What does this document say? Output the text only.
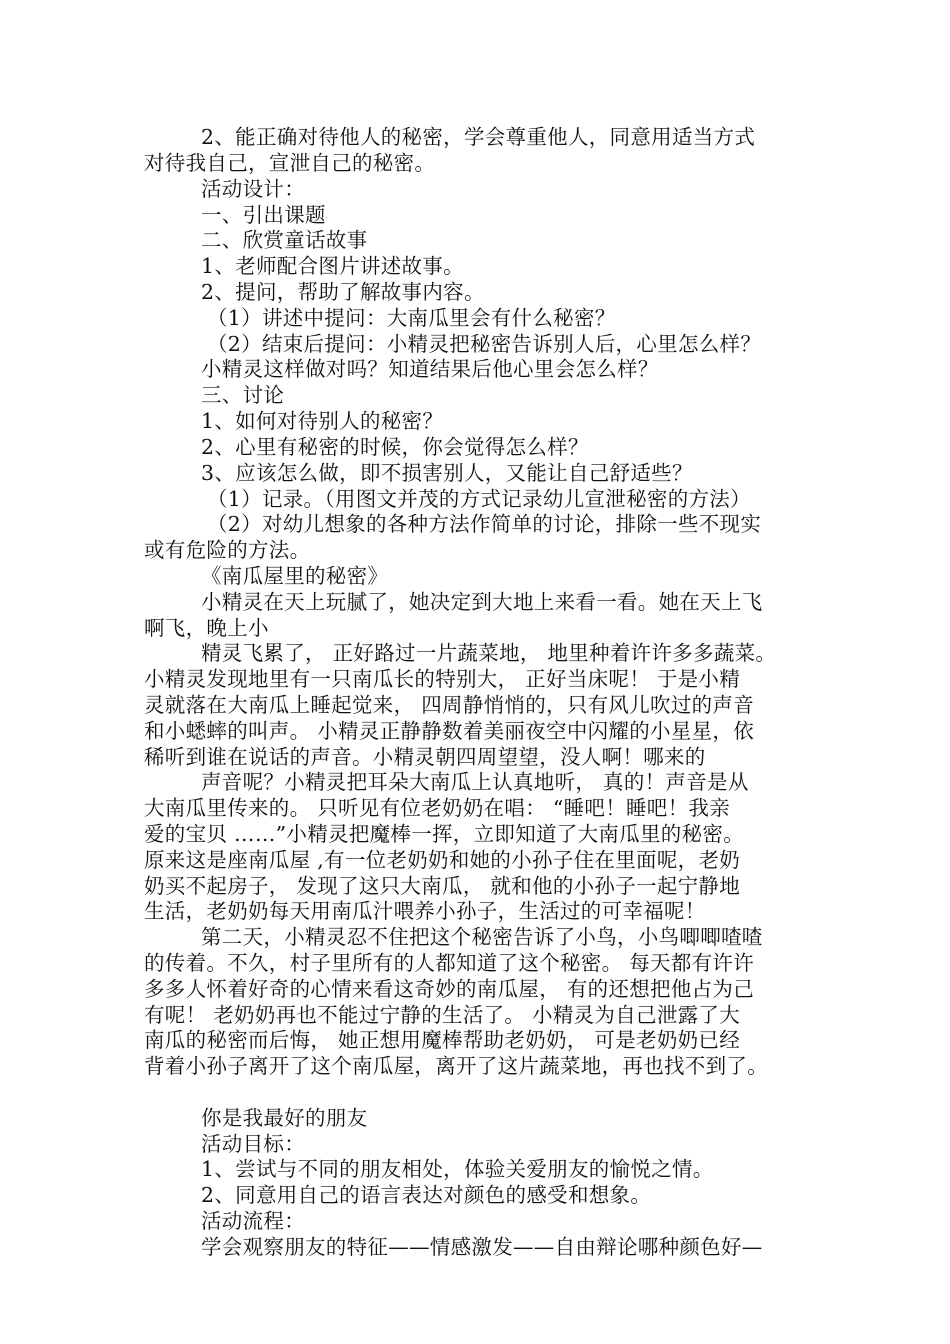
2、能正确对待他人的秘密，学会尊重他人，同意用适当方式
对待我自己，宣泄自己的秘密。
活动设计：
一、引出课题
二、欣赏童话故事
1、老师配合图片讲述故事。
2、提问，帮助了解故事内容。
（1）讲述中提问：大南瓜里会有什么秘密？
（2）结束后提问：小精灵把秘密告诉别人后，心里怎么样？
小精灵这样做对吗？知道结果后他心里会怎么样？
三、讨论
1、如何对待别人的秘密？
2、心里有秘密的时候，你会觉得怎么样？
3、应该怎么做，即不损害别人，又能让自己舒适些？
（1）记录。（用图文并茂的方式记录幼儿宣泄秘密的方法）
（2）对幼儿想象的各种方法作简单的讨论，排除一些不现实
或有危险的方法。
《南瓜屋里的秘密》
小精灵在天上玩腻了，她决定到大地上来看一看。她在天上飞
啊飞，晚上小
精灵飞累了， 正好路过一片蔬菜地， 地里种着许许多多蔬菜。
小精灵发现地里有一只南瓜长的特别大， 正好当床呢！ 于是小精
灵就落在大南瓜上睡起觉来， 四周静悄悄的，只有风儿吹过的声音
和小蟋蟀的叫声。 小精灵正静静数着美丽夜空中闪耀的小星星，依
稀听到谁在说话的声音。小精灵朝四周望望，没人啊！哪来的
声音呢？小精灵把耳朵大南瓜上认真地听， 真的！声音是从
大南瓜里传来的。 只听见有位老奶奶在唱： “睡吧！睡吧！我亲
爱的宝贝 ……”小精灵把魔棒一挥，立即知道了大南瓜里的秘密。
原来这是座南瓜屋 ,有一位老奶奶和她的小孙子住在里面呢，老奶
奶买不起房子， 发现了这只大南瓜， 就和他的小孙子一起宁静地
生活，老奶奶每天用南瓜汁喂养小孙子，生活过的可幸福呢！
第二天，小精灵忍不住把这个秘密告诉了小鸟，小鸟唧唧喳喳
的传着。不久，村子里所有的人都知道了这个秘密。 每天都有许许
多多人怀着好奇的心情来看这奇妙的南瓜屋， 有的还想把他占为己
有呢！ 老奶奶再也不能过宁静的生活了。 小精灵为自己泄露了大
南瓜的秘密而后悔， 她正想用魔棒帮助老奶奶， 可是老奶奶已经
背着小孙子离开了这个南瓜屋，离开了这片蔬菜地，再也找不到了。
你是我最好的朋友
活动目标：
1、尝试与不同的朋友相处，体验关爱朋友的愉悦之情。
2、同意用自己的语言表达对颜色的感受和想象。
活动流程：
学会观察朋友的特征——情感激发——自由辩论哪种颜色好—
